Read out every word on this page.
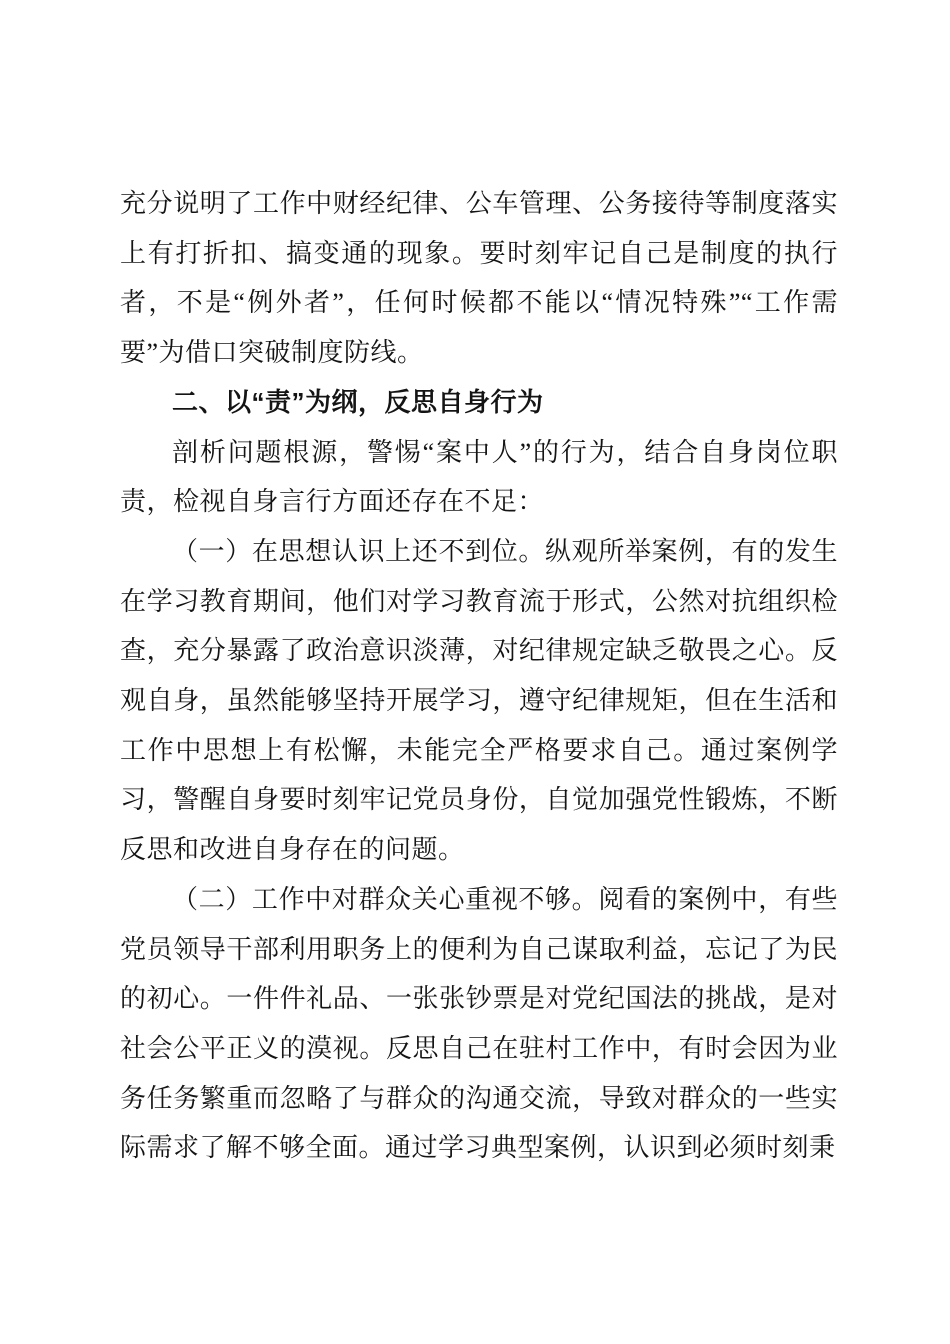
充分说明了工作中财经纪律、公车管理、公务接待等制度落实上有打折扣、搞变通的现象。要时刻牢记自己是制度的执行者，不是“例外者”，任何时候都不能以“情况特殊”“工作需要”为借口突破制度防线。

二、以“责”为纲，反思自身行为

剖析问题根源，警惕“案中人”的行为，结合自身岗位职责，检视自身言行方面还存在不足：

（一）在思想认识上还不到位。纵观所举案例，有的发生在学习教育期间，他们对学习教育流于形式，公然对抗组织检查，充分暴露了政治意识淡薄，对纪律规定缺乏敬畏之心。反观自身，虽然能够坚持开展学习，遵守纪律规矩，但在生活和工作中思想上有松懈，未能完全严格要求自己。通过案例学习，警醒自身要时刻牢记党员身份，自觉加强党性锻炼，不断反思和改进自身存在的问题。

（二）工作中对群众关心重视不够。阅看的案例中，有些党员领导干部利用职务上的便利为自己谋取利益，忘记了为民的初心。一件件礼品、一张张钞票是对党纪国法的挑战，是对社会公平正义的漠视。反思自己在驻村工作中，有时会因为业务任务繁重而忽略了与群众的沟通交流，导致对群众的一些实际需求了解不够全面。通过学习典型案例，认识到必须时刻秉
